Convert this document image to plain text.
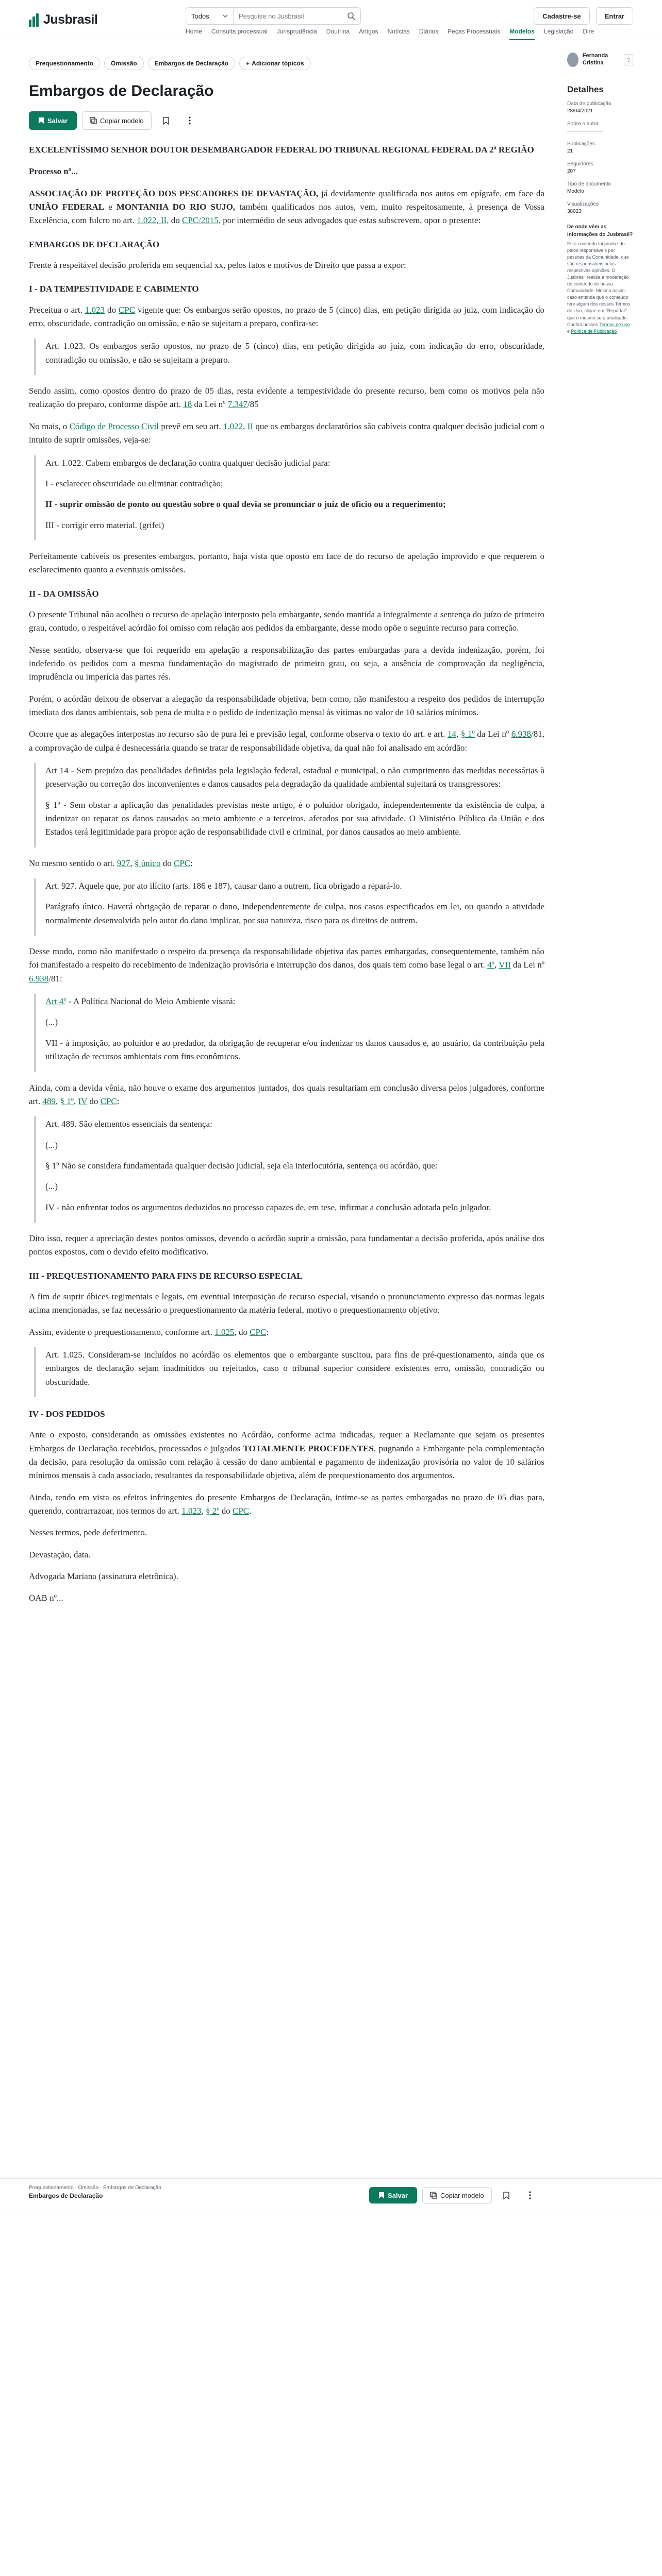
Jusbrasil	Todos
Pesquise no Jusbrasil	Cadastre-se	Entrar
Home Consulta processual Jurisprudência Doutrina Artigos Notícias Diários Peças Processuais Modelos Legislação Dire
Prequestionamento	Omissão	Embargos de Declaração	+ Adicionar tópicos
Embargos de Declaração
Salvar	Copiar modelo

EXCELENTÍSSIMO SENHOR DOUTOR DESEMBARGADOR FEDERAL DO TRIBUNAL REGIONAL FEDERAL DA 2ª REGIÃO

Processo nº...

ASSOCIAÇÃO DE PROTEÇÃO DOS PESCADORES DE DEVASTAÇÃO, já devidamente qualificada nos autos em epígrafe, em face da UNIÃO FEDERAL e MONTANHA DO RIO SUJO, também qualificados nos autos, vem, muito respeitosamente, à presença de Vossa Excelência, com fulcro no art. 1.022, II, do CPC/2015, por intermédio de seus advogados que estas subscrevem, opor o presente:

EMBARGOS DE DECLARAÇÃO

Frente à respeitável decisão proferida em sequencial xx, pelos fatos e motivos de Direito que passa a expor:

I - DA TEMPESTIVIDADE E CABIMENTO

Preceitua o art. 1.023 do CPC vigente que: Os embargos serão opostos, no prazo de 5 (cinco) dias, em petição dirigida ao juiz, com indicação do erro, obscuridade, contradição ou omissão, e não se sujeitam a preparo, confira-se:

Art. 1.023. Os embargos serão opostos, no prazo de 5 (cinco) dias, em petição dirigida ao juiz, com indicação do erro, obscuridade, contradição ou omissão, e não se sujeitam a preparo.

Sendo assim, como opostos dentro do prazo de 05 dias, resta evidente a tempestividade do presente recurso, bem como os motivos pela não realização do preparo, conforme dispõe art. 18 da Lei nº 7.347/85

No mais, o Código de Processo Civil prevê em seu art. 1.022, II que os embargos declaratórios são cabíveis contra qualquer decisão judicial com o intuito de suprir omissões, veja-se:

Art. 1.022. Cabem embargos de declaração contra qualquer decisão judicial para:

I - esclarecer obscuridade ou eliminar contradição;

II - suprir omissão de ponto ou questão sobre o qual devia se pronunciar o juiz de ofício ou a requerimento;

III - corrigir erro material. (grifei)

Perfeitamente cabíveis os presentes embargos, portanto, haja vista que oposto em face de do recurso de apelação improvido e que requerem o esclarecimento quanto a eventuais omissões.

II - DA OMISSÃO

O presente Tribunal não acolheu o recurso de apelação interposto pela embargante, sendo mantida a integralmente a sentença do juízo de primeiro grau, contudo, o respeitável acórdão foi omisso com relação aos pedidos da embargante, desse modo opõe o seguinte recurso para correção.

Nesse sentido, observa-se que foi requerido em apelação a responsabilização das partes embargadas para a devida indenização, porém, foi indeferido os pedidos com a mesma fundamentação do magistrado de primeiro grau, ou seja, a ausência de comprovação da negligência, imprudência ou imperícia das partes rés.

Porém, o acórdão deixou de observar a alegação da responsabilidade objetiva, bem como, não manifestou a respeito dos pedidos de interrupção imediata dos danos ambientais, sob pena de multa e o pedido de indenização mensal às vítimas no valor de 10 salários mínimos.

Ocorre que as alegações interpostas no recurso são de pura lei e previsão legal, conforme observa o texto do art. e art. 14, § 1º da Lei nº 6.938/81, a comprovação de culpa é desnecessária quando se tratar de responsabilidade objetiva, da qual não foi analisado em acórdão:

Art 14 - Sem prejuízo das penalidades definidas pela legislação federal, estadual e municipal, o não cumprimento das medidas necessárias à preservação ou correção dos inconvenientes e danos causados pela degradação da qualidade ambiental sujeitará os transgressores:

§ 1º - Sem obstar a aplicação das penalidades previstas neste artigo, é o poluidor obrigado, independentemente da existência de culpa, a indenizar ou reparar os danos causados ao meio ambiente e a terceiros, afetados por sua atividade. O Ministério Público da União e dos Estados terá legitimidade para propor ação de responsabilidade civil e criminal, por danos causados ao meio ambiente.

No mesmo sentido o art. 927, § único do CPC:

Art. 927. Aquele que, por ato ilícito (arts. 186 e 187), causar dano a outrem, fica obrigado a repará-lo.

Parágrafo único. Haverá obrigação de reparar o dano, independentemente de culpa, nos casos especificados em lei, ou quando a atividade normalmente desenvolvida pelo autor do dano implicar, por sua natureza, risco para os direitos de outrem.

Desse modo, como não manifestado o respeito da presença da responsabilidade objetiva das partes embargadas, consequentemente, também não foi manifestado a respeito do recebimento de indenização provisória e interrupção dos danos, dos quais tem como base legal o art. 4º, VII da Lei nº 6.938/81:

Art 4º - A Política Nacional do Meio Ambiente visará:

(...)

VII - à imposição, ao poluidor e ao predador, da obrigação de recuperar e/ou indenizar os danos causados e, ao usuário, da contribuição pela utilização de recursos ambientais com fins econômicos.

Ainda, com a devida vênia, não houve o exame dos argumentos juntados, dos quais resultariam em conclusão diversa pelos julgadores, conforme art. 489, § 1º, IV do CPC:

Art. 489. São elementos essenciais da sentença:

(...)

§ 1º Não se considera fundamentada qualquer decisão judicial, seja ela interlocutória, sentença ou acórdão, que:

(...)

IV - não enfrentar todos os argumentos deduzidos no processo capazes de, em tese, infirmar a conclusão adotada pelo julgador.

Dito isso, requer a apreciação destes pontos omissos, devendo o acórdão suprir a omissão, para fundamentar a decisão proferida, após análise dos pontos expostos, com o devido efeito modificativo.

III - PREQUESTIONAMENTO PARA FINS DE RECURSO ESPECIAL

A fim de suprir óbices regimentais e legais, em eventual interposição de recurso especial, visando o pronunciamento expresso das normas legais acima mencionadas, se faz necessário o prequestionamento da matéria federal, motivo o prequestionamento objetivo.

Assim, evidente o prequestionamento, conforme art. 1.025, do CPC:

Art. 1.025. Consideram-se incluídos no acórdão os elementos que o embargante suscitou, para fins de pré-questionamento, ainda que os embargos de declaração sejam inadmitidos ou rejeitados, caso o tribunal superior considere existentes erro, omissão, contradição ou obscuridade.

IV - DOS PEDIDOS

Ante o exposto, considerando as omissões existentes no Acórdão, conforme acima indicadas, requer a Reclamante que sejam os presentes Embargos de Declaração recebidos, processados e julgados TOTALMENTE PROCEDENTES, pugnando a Embargante pela complementação da decisão, para resolução da omissão com relação à cessão do dano ambiental e pagamento de indenização provisória no valor de 10 salários mínimos mensais à cada associado, resultantes da responsabilidade objetiva, além de prequestionamento dos argumentos.

Ainda, tendo em vista os efeitos infringentes do presente Embargos de Declaração, intime-se as partes embargadas no prazo de 05 dias para, querendo, contrarrazoar, nos termos do art. 1.023, § 2º do CPC.

Nesses termos, pede deferimento.

Devastação, data.

Advogada Mariana (assinatura eletrônica).

OAB nº...

Fernanda Cristina	⇪
Detalhes
Data de publicação
28/04/2021
Sobre o autor
———————
Publicações
21
Seguidores
207
Tipo de documento
Modelo
Visualizações
38023
De onde vêm as informações do Jusbrasil?
Este conteúdo foi produzido pelos responsáveis por pessoas da Comunidade, que são responsáveis pelas respectivas opiniões. O Jusbrasil realiza a moderação do conteúdo de nossa Comunidade. Mesmo assim, caso entenda que o conteúdo fere algum dos nossos Termos de Uso, clique em "Reportar" que o mesmo será analisado. Confira nossos Termos de uso e Política de Publicação
Prequestionamento · Omissão · Embargos de Declaração
Embargos de Declaração	Salvar	Copiar modelo
